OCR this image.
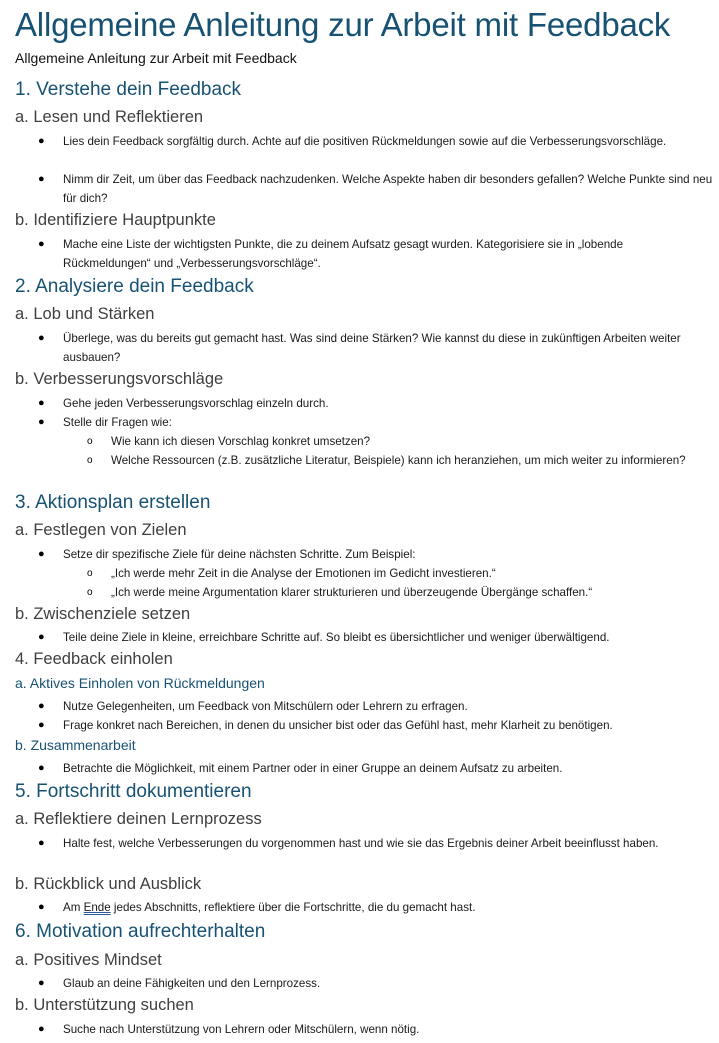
Allgemeine Anleitung zur Arbeit mit Feedback
Allgemeine Anleitung zur Arbeit mit Feedback
1. Verstehe dein Feedback
a. Lesen und Reflektieren
● Lies dein Feedback sorgfältig durch. Achte auf die positiven Rückmeldungen sowie auf die Verbesserungsvorschläge.
● Nimm dir Zeit, um über das Feedback nachzudenken. Welche Aspekte haben dir besonders gefallen? Welche Punkte sind neu für dich?
b. Identifiziere Hauptpunkte
● Mache eine Liste der wichtigsten Punkte, die zu deinem Aufsatz gesagt wurden. Kategorisiere sie in „lobende Rückmeldungen“ und „Verbesserungsvorschläge“.
2. Analysiere dein Feedback
a. Lob und Stärken
● Überlege, was du bereits gut gemacht hast. Was sind deine Stärken? Wie kannst du diese in zukünftigen Arbeiten weiter ausbauen?
b. Verbesserungsvorschläge
● Gehe jeden Verbesserungsvorschlag einzeln durch.
● Stelle dir Fragen wie:
o Wie kann ich diesen Vorschlag konkret umsetzen?
o Welche Ressourcen (z.B. zusätzliche Literatur, Beispiele) kann ich heranziehen, um mich weiter zu informieren?
3. Aktionsplan erstellen
a. Festlegen von Zielen
● Setze dir spezifische Ziele für deine nächsten Schritte. Zum Beispiel:
o „Ich werde mehr Zeit in die Analyse der Emotionen im Gedicht investieren.“
o „Ich werde meine Argumentation klarer strukturieren und überzeugende Übergänge schaffen.“
b. Zwischenziele setzen
● Teile deine Ziele in kleine, erreichbare Schritte auf. So bleibt es übersichtlicher und weniger überwältigend.
4. Feedback einholen
a. Aktives Einholen von Rückmeldungen
● Nutze Gelegenheiten, um Feedback von Mitschülern oder Lehrern zu erfragen.
● Frage konkret nach Bereichen, in denen du unsicher bist oder das Gefühl hast, mehr Klarheit zu benötigen.
b. Zusammenarbeit
● Betrachte die Möglichkeit, mit einem Partner oder in einer Gruppe an deinem Aufsatz zu arbeiten.
5. Fortschritt dokumentieren
a. Reflektiere deinen Lernprozess
● Halte fest, welche Verbesserungen du vorgenommen hast und wie sie das Ergebnis deiner Arbeit beeinflusst haben.
b. Rückblick und Ausblick
● Am Ende jedes Abschnitts, reflektiere über die Fortschritte, die du gemacht hast.
6. Motivation aufrechterhalten
a. Positives Mindset
● Glaub an deine Fähigkeiten und den Lernprozess.
b. Unterstützung suchen
● Suche nach Unterstützung von Lehrern oder Mitschülern, wenn nötig.
